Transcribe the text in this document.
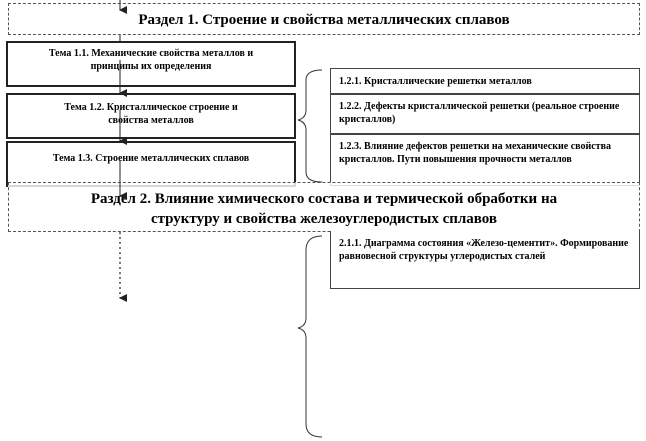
Раздел 1. Строение и свойства металлических сплавов
Тема 1.1. Механические свойства металлов и принципы их определения
Тема 1.2. Кристаллическое строение и свойства металлов
Тема 1.3. Строение металлических сплавов
1.2.1. Кристаллические решетки металлов
1.2.2. Дефекты кристаллической решетки (реальное строение кристаллов)
1.2.3. Влияние дефектов решетки на механические свойства кристаллов. Пути повышения прочности металлов
Раздел 2. Влияние химического состава и термической обработки на структуру и свойства железоуглеродистых сплавов
2.1.1. Диаграмма состояния «Железо-цементит». Формирование равновесной структуры углеродистых сталей
